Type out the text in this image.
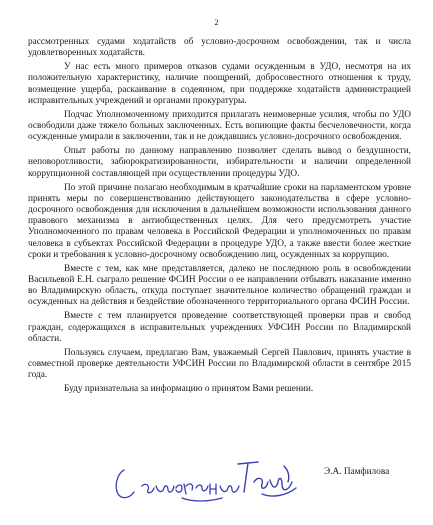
2

рассмотренных судами ходатайств об условно-досрочном освобождении, так и числа удовлетворенных ходатайств.

У нас есть много примеров отказов судами осужденным в УДО, несмотря на их положительную характеристику, наличие поощрений, добросовестного отношения к труду, возмещение ущерба, раскаивание в содеянном, при поддержке ходатайств администрацией исправительных учреждений и органами прокуратуры.

Подчас Уполномоченному приходится прилагать неимоверные усилия, чтобы по УДО освободили даже тяжело больных заключенных. Есть вопиющие факты бесчеловечности, когда осужденные умирали в заключении, так и не дождавшись условно-досрочного освобождения.

Опыт работы по данному направлению позволяет сделать вывод о бездушности, неповоротливости, забюрократизированности, избирательности и наличии определенной коррупционной составляющей при осуществлении процедуры УДО.

По этой причине полагаю необходимым в кратчайшие сроки на парламентском уровне принять меры по совершенствованию действующего законодательства в сфере условно-досрочного освобождения для исключения в дальнейшем возможности использования данного правового механизма в антиобщественных целях. Для чего предусмотреть участие Уполномоченного по правам человека в Российской Федерации и уполномоченных по правам человека в субъектах Российской Федерации в процедуре УДО, а также ввести более жесткие сроки и требования к условно-досрочному освобождению лиц, осужденных за коррупцию.

Вместе с тем, как мне представляется, далеко не последнюю роль в освобождении Васильевой Е.Н. сыграло решение ФСИН России о ее направлении отбывать наказание именно во Владимирскую область, откуда поступает значительное количество обращений граждан и осужденных на действия и бездействие обозначенного территориального органа ФСИН России.

Вместе с тем планируется проведение соответствующей проверки прав и свобод граждан, содержащихся в исправительных учреждениях УФСИН России по Владимирской области.

Пользуясь случаем, предлагаю Вам, уважаемый Сергей Павлович, принять участие в совместной проверке деятельности УФСИН России по Владимирской области в сентябре 2015 года.

Буду признательна за информацию о принятом Вами решении.

Э.А. Памфилова
